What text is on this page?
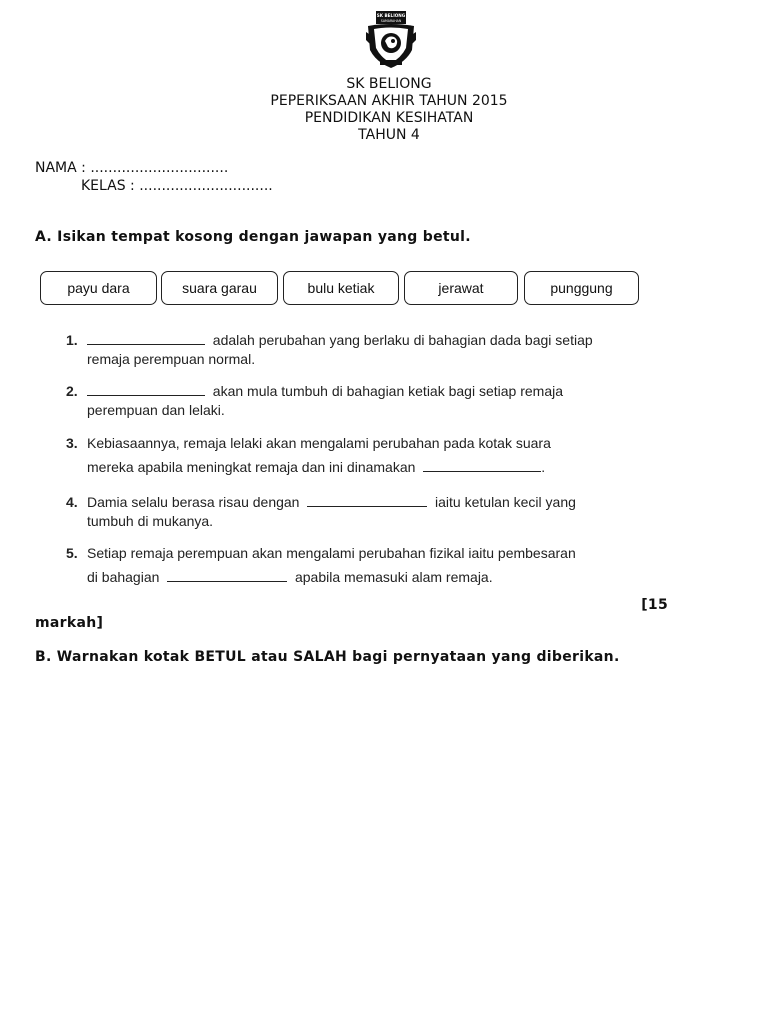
SK BELIONG
SAMARAHAN
SK BELIONG
PEPERIKSAAN AKHIR TAHUN 2015
PENDIDIKAN KESIHATAN
TAHUN 4
NAMA : ...............................
KELAS : ..............................
A. Isikan tempat kosong dengan jawapan yang betul.
payu dara	suara garau	bulu ketiak	jerawat	punggung
1.	adalah perubahan yang berlaku di bahagian dada bagi setiap
remaja perempuan normal.
2.	akan mula tumbuh di bahagian ketiak bagi setiap remaja
perempuan dan lelaki.
3. Kebiasaannya, remaja lelaki akan mengalami perubahan pada kotak suara
mereka apabila meningkat remaja dan ini dinamakan	.
4. Damia selalu berasa risau dengan	iaitu ketulan kecil yang
tumbuh di mukanya.
5. Setiap remaja perempuan akan mengalami perubahan fizikal iaitu pembesaran
di bahagian	apabila memasuki alam remaja.
[15
markah]
B. Warnakan kotak BETUL atau SALAH bagi pernyataan yang diberikan.
